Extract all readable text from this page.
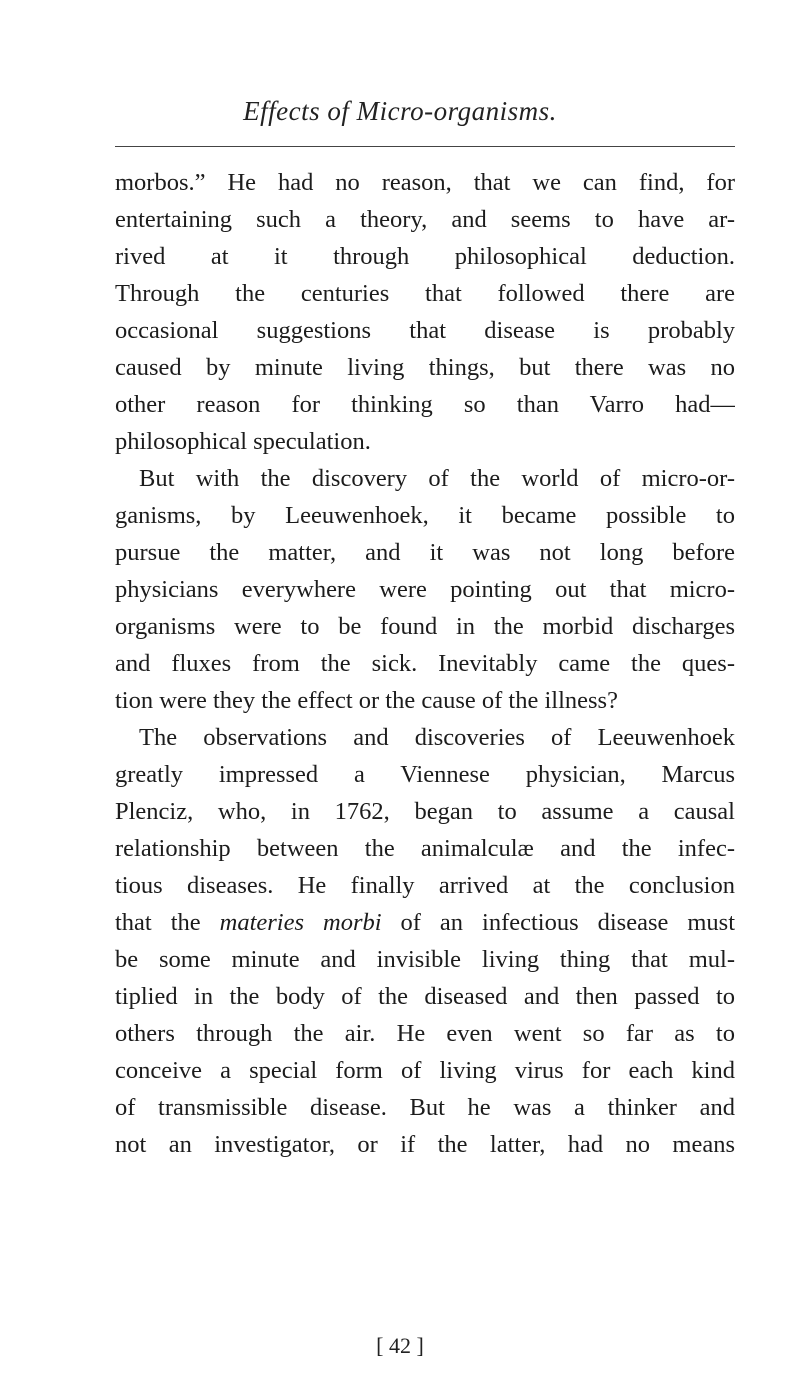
Effects of Micro-organisms.
morbos.” He had no reason, that we can find, for
entertaining such a theory, and seems to have ar-
rived at it through philosophical deduction.
Through the centuries that followed there are
occasional suggestions that disease is probably
caused by minute living things, but there was no
other reason for thinking so than Varro had—
philosophical speculation.
But with the discovery of the world of micro-or-
ganisms, by Leeuwenhoek, it became possible to
pursue the matter, and it was not long before
physicians everywhere were pointing out that micro-
organisms were to be found in the morbid discharges
and fluxes from the sick. Inevitably came the ques-
tion were they the effect or the cause of the illness?
The observations and discoveries of Leeuwenhoek
greatly impressed a Viennese physician, Marcus
Plenciz, who, in 1762, began to assume a causal
relationship between the animalculæ and the infec-
tious diseases. He finally arrived at the conclusion
that the materies morbi of an infectious disease must
be some minute and invisible living thing that mul-
tiplied in the body of the diseased and then passed to
others through the air. He even went so far as to
conceive a special form of living virus for each kind
of transmissible disease. But he was a thinker and
not an investigator, or if the latter, had no means
[ 42 ]
